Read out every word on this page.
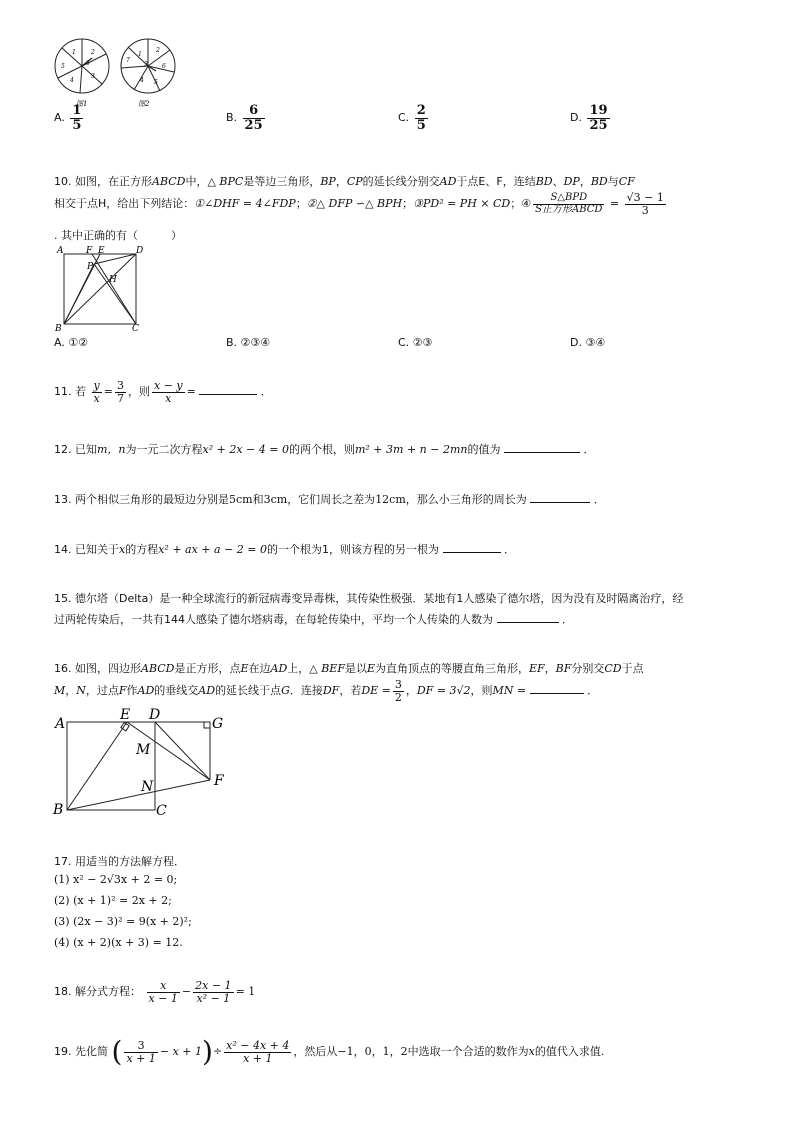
1	2
3
4
5	6
图1
1
2
6
5
4
7
3
图2
A. $\frac{1}{5}$	B. $\frac{6}{25}$	C. $\frac{2}{5}$	D. $\frac{19}{25}$
10. 如图，在正方形ABCD中，△ BPC是等边三角形，BP，CP的延长线分别交AD于点E、F，连结BD、DP，BD与CF
相交于点H，给出下列结论：①∠DHF = 4∠FDP；②△ DFP ∽△ BPH；③PD² = PH × CD；④ $\frac{\text{S△BPD}}{\text{S正方形ABCD}} = \frac{√3 - 1}{3}$
. 其中正确的有（　　　）
A	F E	D
P
H
B	C
A. ①②	B. ②③④	C. ②③	D. ③④
11. 若 $\frac{y}{x} = \frac{3}{7}$ ，则 $\frac{x - y}{x}$ =	．
12. 已知m，n为一元二次方程x² + 2x − 4 = 0的两个根，则m² + 3m + n − 2mn的值为	．
13. 两个相似三角形的最短边分别是5cm和3cm，它们周长之差为12cm，那么小三角形的周长为	．
14. 已知关于x的方程x² + ax + a − 2 = 0的一个根为1，则该方程的另一根为	．
15. 德尔塔（Delta）是一种全球流行的新冠病毒变异毒株，其传染性极强．某地有1人感染了德尔塔，因为没有及时隔离治疗，经
过两轮传染后，一共有144人感染了德尔塔病毒，在每轮传染中，平均一个人传染的人数为	．
16. 如图，四边形ABCD是正方形，点E在边AD上，△ BEF是以E为直角顶点的等腰直角三角形，EF，BF分别交CD于点
M，N，过点F作AD的垂线交AD的延长线于点G．连接DF，若DE = $\frac{3}{2}$ ，DF = 3√2，则MN =	．
A
E D
G
M
N	F
B	C
17. 用适当的方法解方程．
(1) x² − 2√3x + 2 = 0;
(2) (x + 1)² = 2x + 2;
(3) (2x − 3)² = 9(x + 2)²;
(4) (x + 2)(x + 3) = 12.
18. 解分式方程： $\frac{x}{x - 1} - \frac{2x - 1}{\text{x² − 1}} = 1$
19. 先化简 ( $\frac{3}{x + 1} - x + 1)\div \frac{\text{x² − 4x + 4}}{x + 1}$ ，然后从−1，0，1，2中选取一个合适的数作为x的值代入求值.
